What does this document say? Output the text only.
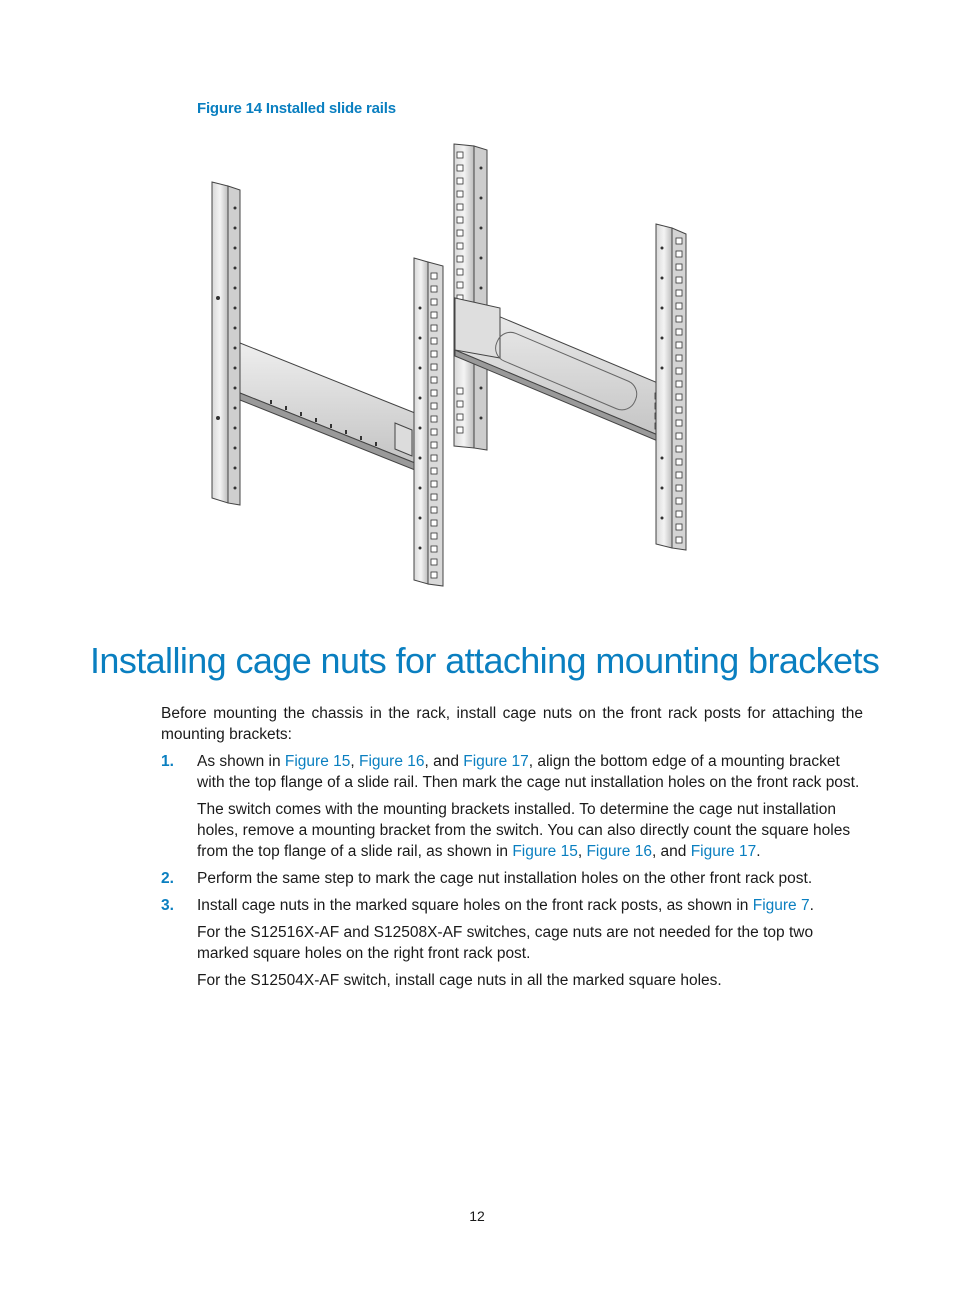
Figure 14 Installed slide rails
Installing cage nuts for attaching mounting brackets

Before mounting the chassis in the rack, install cage nuts on the front rack posts for attaching the mounting brackets:

1. As shown in Figure 15, Figure 16, and Figure 17, align the bottom edge of a mounting bracket with the top flange of a slide rail. Then mark the cage nut installation holes on the front rack post.

The switch comes with the mounting brackets installed. To determine the cage nut installation holes, remove a mounting bracket from the switch. You can also directly count the square holes from the top flange of a slide rail, as shown in Figure 15, Figure 16, and Figure 17.

2. Perform the same step to mark the cage nut installation holes on the other front rack post.

3. Install cage nuts in the marked square holes on the front rack posts, as shown in Figure 7.

For the S12516X-AF and S12508X-AF switches, cage nuts are not needed for the top two marked square holes on the right front rack post.

For the S12504X-AF switch, install cage nuts in all the marked square holes.

12
